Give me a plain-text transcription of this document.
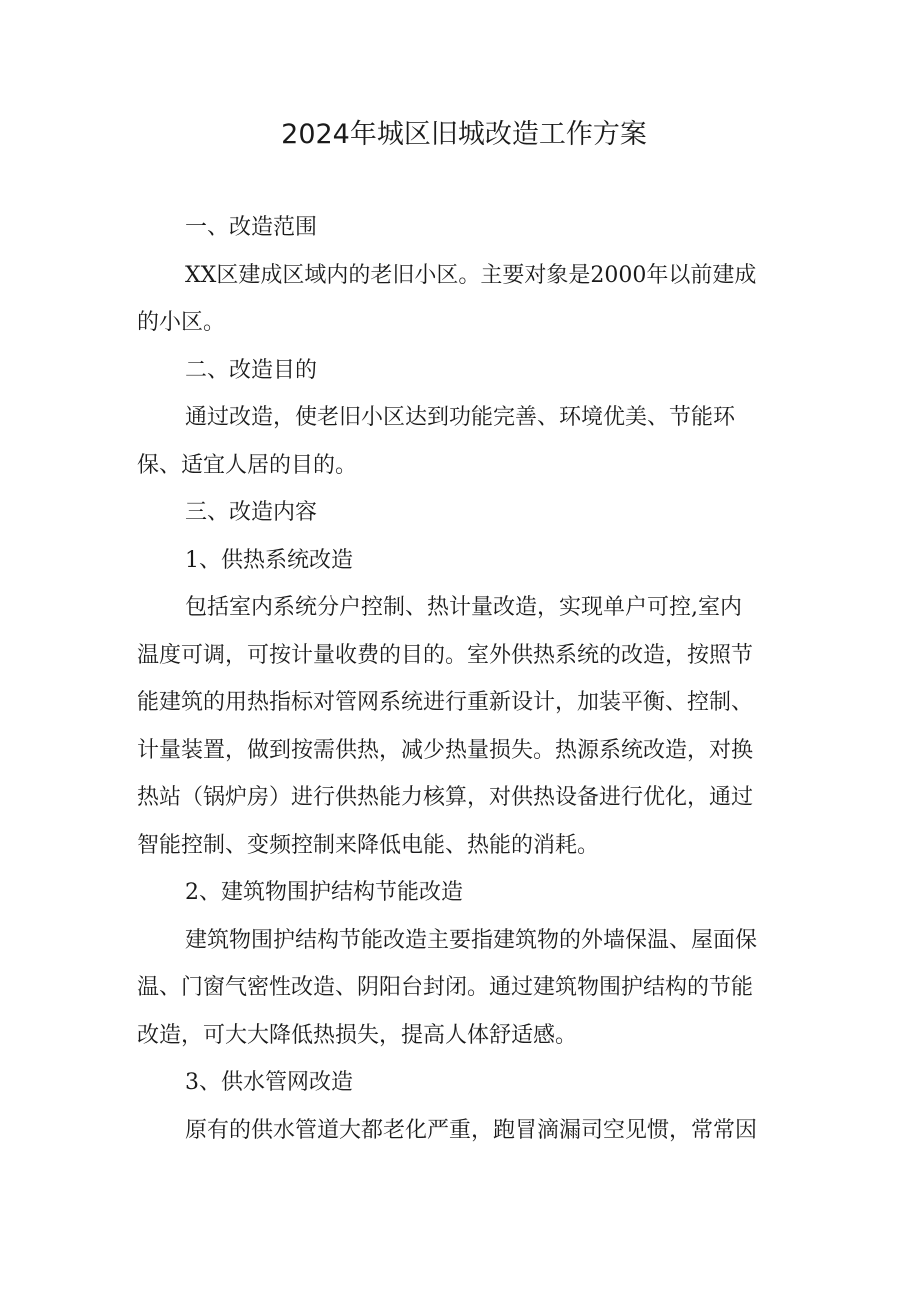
2024年城区旧城改造工作方案

一、改造范围

XX区建成区域内的老旧小区。主要对象是2000年以前建成
的小区。

二、改造目的

通过改造，使老旧小区达到功能完善、环境优美、节能环
保、适宜人居的目的。

三、改造内容

1、供热系统改造

包括室内系统分户控制、热计量改造，实现单户可控,室内
温度可调，可按计量收费的目的。室外供热系统的改造，按照节
能建筑的用热指标对管网系统进行重新设计，加装平衡、控制、
计量装置，做到按需供热，减少热量损失。热源系统改造，对换
热站（锅炉房）进行供热能力核算，对供热设备进行优化，通过
智能控制、变频控制来降低电能、热能的消耗。

2、建筑物围护结构节能改造

建筑物围护结构节能改造主要指建筑物的外墙保温、屋面保
温、门窗气密性改造、阴阳台封闭。通过建筑物围护结构的节能
改造，可大大降低热损失，提高人体舒适感。

3、供水管网改造

原有的供水管道大都老化严重，跑冒滴漏司空见惯，常常因
